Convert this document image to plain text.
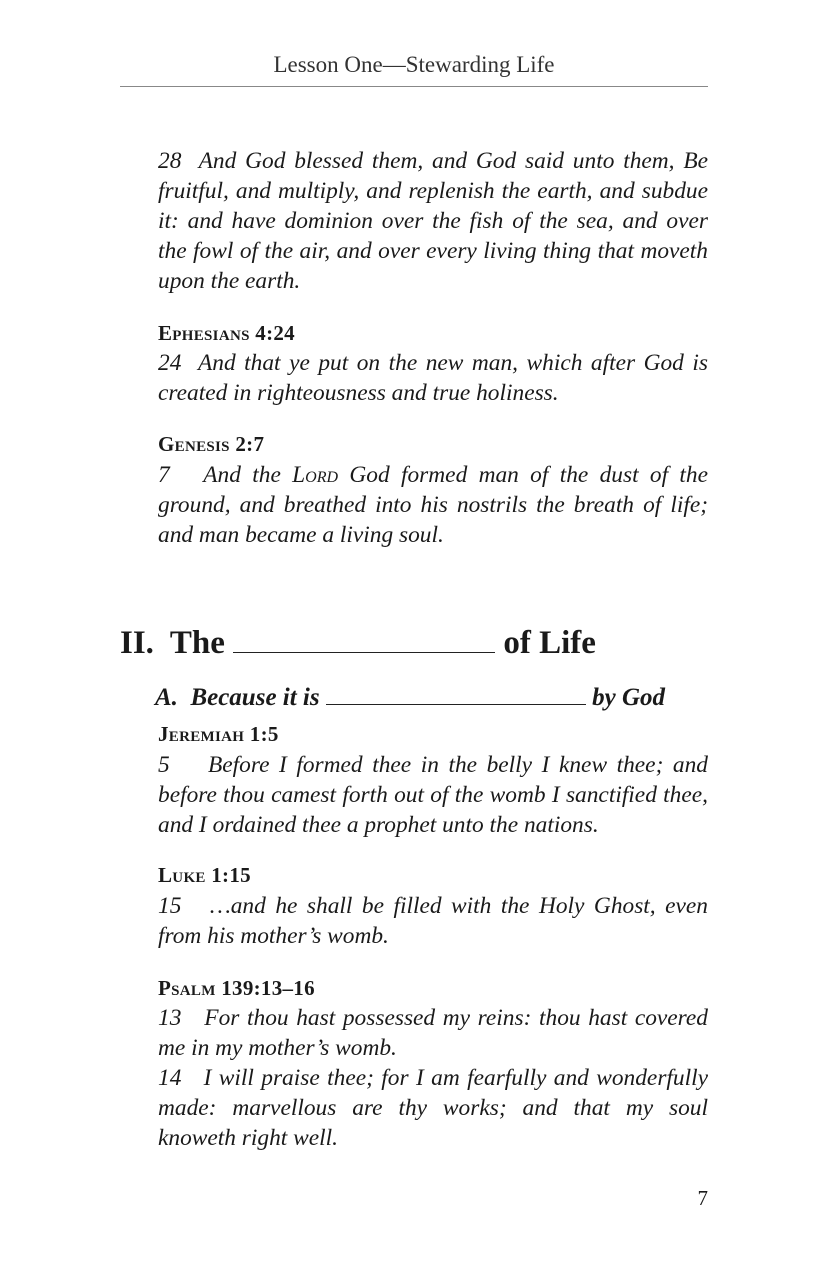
Lesson One—Stewarding Life
28 And God blessed them, and God said unto them, Be fruitful, and multiply, and replenish the earth, and subdue it: and have dominion over the fish of the sea, and over the fowl of the air, and over every living thing that moveth upon the earth.
Ephesians 4:24
24 And that ye put on the new man, which after God is created in righteousness and true holiness.
Genesis 2:7
7 And the Lord God formed man of the dust of the ground, and breathed into his nostrils the breath of life; and man became a living soul.
II. The	of Life
A. Because it is	by God
Jeremiah 1:5
5 Before I formed thee in the belly I knew thee; and before thou camest forth out of the womb I sanctified thee, and I ordained thee a prophet unto the nations.
Luke 1:15
15 …and he shall be filled with the Holy Ghost, even from his mother’s womb.
Psalm 139:13–16
13 For thou hast possessed my reins: thou hast covered me in my mother’s womb.
14 I will praise thee; for I am fearfully and wonderfully made: marvellous are thy works; and that my soul knoweth right well.
7
